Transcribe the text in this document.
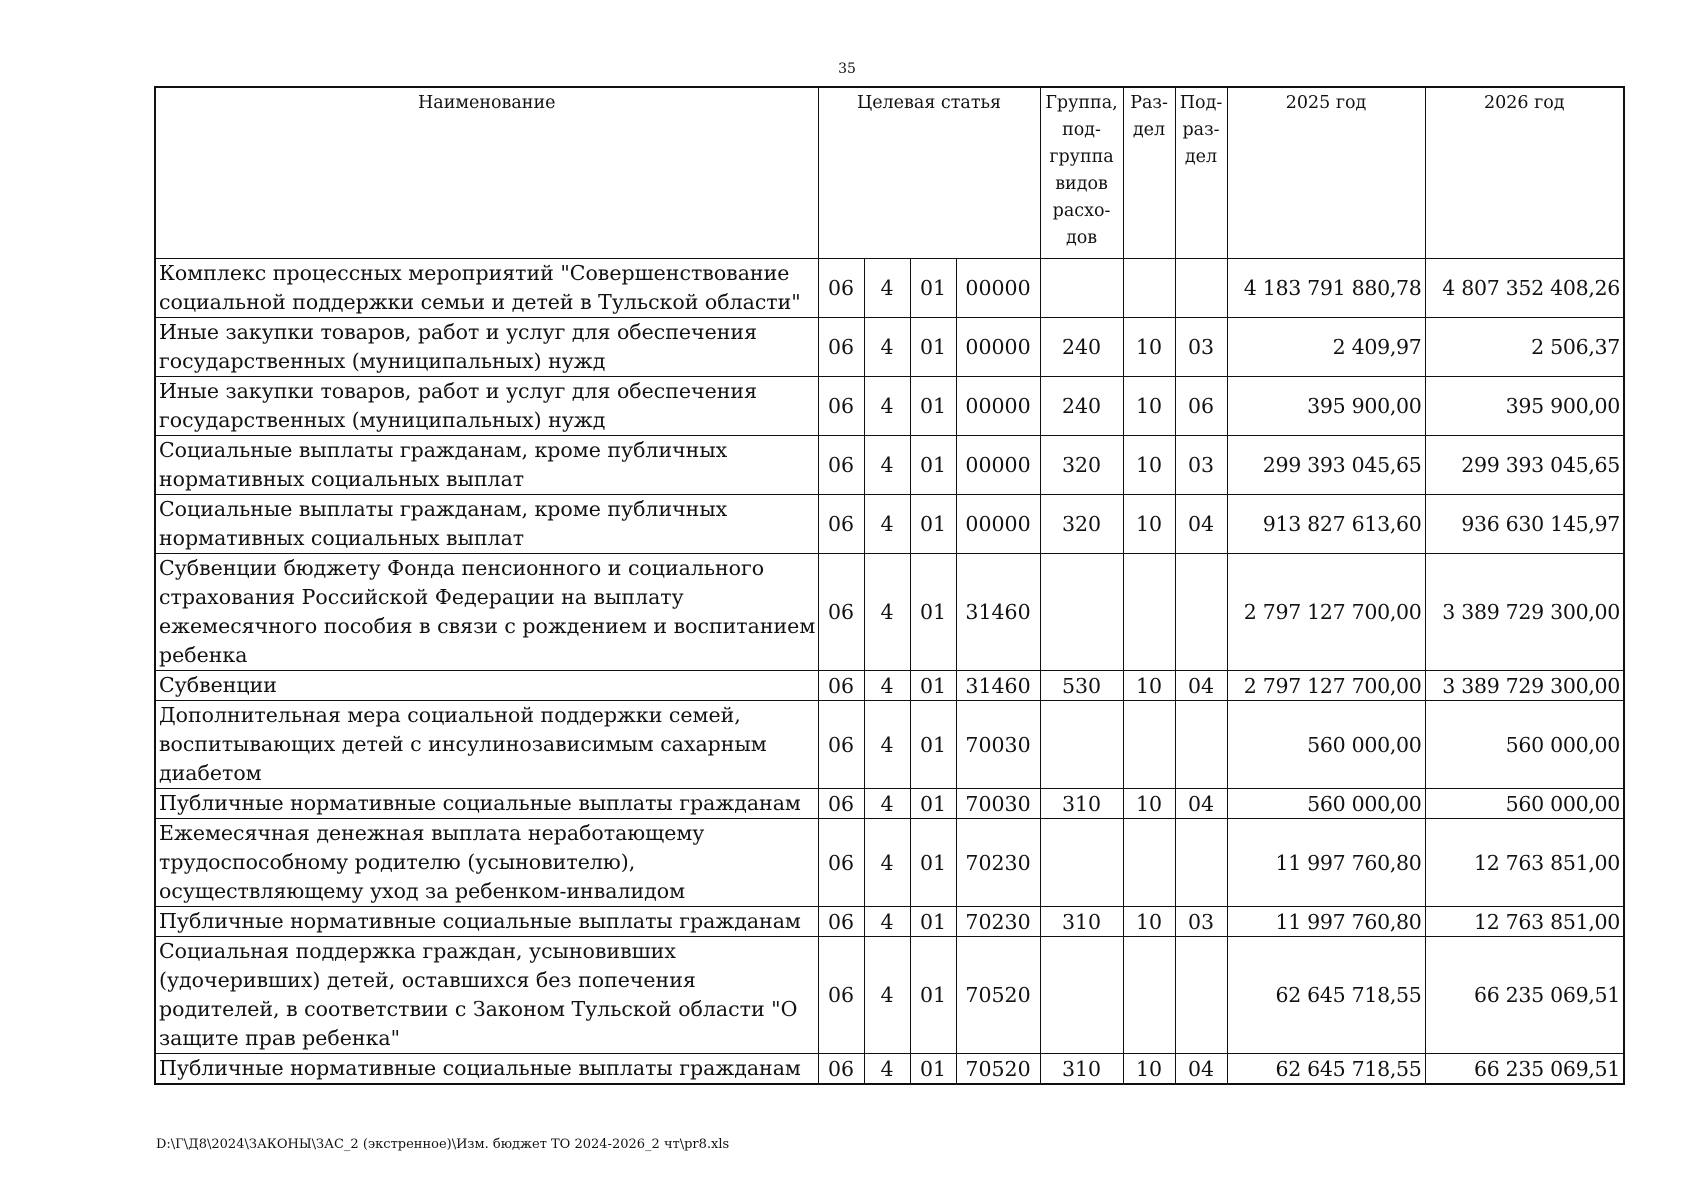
35
Наименование	Целевая статья				Группа, под- группа видов расхо- дов	Раз- дел	Под- раз- дел	2025 год	2026 год
Комплекс процессных мероприятий "Совершенствование социальной поддержки семьи и детей в Тульской области"	06	4	01	00000				4 183 791 880,78	4 807 352 408,26
Иные закупки товаров, работ и услуг для обеспечения государственных (муниципальных) нужд	06	4	01	00000	240	10	03	2 409,97	2 506,37
Иные закупки товаров, работ и услуг для обеспечения государственных (муниципальных) нужд	06	4	01	00000	240	10	06	395 900,00	395 900,00
Социальные выплаты гражданам, кроме публичных нормативных социальных выплат	06	4	01	00000	320	10	03	299 393 045,65	299 393 045,65
Социальные выплаты гражданам, кроме публичных нормативных социальных выплат	06	4	01	00000	320	10	04	913 827 613,60	936 630 145,97
Субвенции бюджету Фонда пенсионного и социального страхования Российской Федерации на выплату ежемесячного пособия в связи с рождением и воспитанием ребенка	06	4	01	31460				2 797 127 700,00	3 389 729 300,00
Субвенции	06	4	01	31460	530	10	04	2 797 127 700,00	3 389 729 300,00
Дополнительная мера социальной поддержки семей, воспитывающих детей с инсулинозависимым сахарным диабетом	06	4	01	70030				560 000,00	560 000,00
Публичные нормативные социальные выплаты гражданам	06	4	01	70030	310	10	04	560 000,00	560 000,00
Ежемесячная денежная выплата неработающему трудоспособному родителю (усыновителю), осуществляющему уход за ребенком-инвалидом	06	4	01	70230				11 997 760,80	12 763 851,00
Публичные нормативные социальные выплаты гражданам	06	4	01	70230	310	10	03	11 997 760,80	12 763 851,00
Социальная поддержка граждан, усыновивших (удочеривших) детей, оставшихся без попечения родителей, в соответствии с Законом Тульской области "О защите прав ребенка"	06	4	01	70520				62 645 718,55	66 235 069,51
Публичные нормативные социальные выплаты гражданам	06	4	01	70520	310	10	04	62 645 718,55	66 235 069,51
D:\Г\Д8\2024\ЗАКОНЫ\ЗАС_2 (экстренное)\Изм. бюджет ТО 2024-2026_2 чт\pr8.xls
